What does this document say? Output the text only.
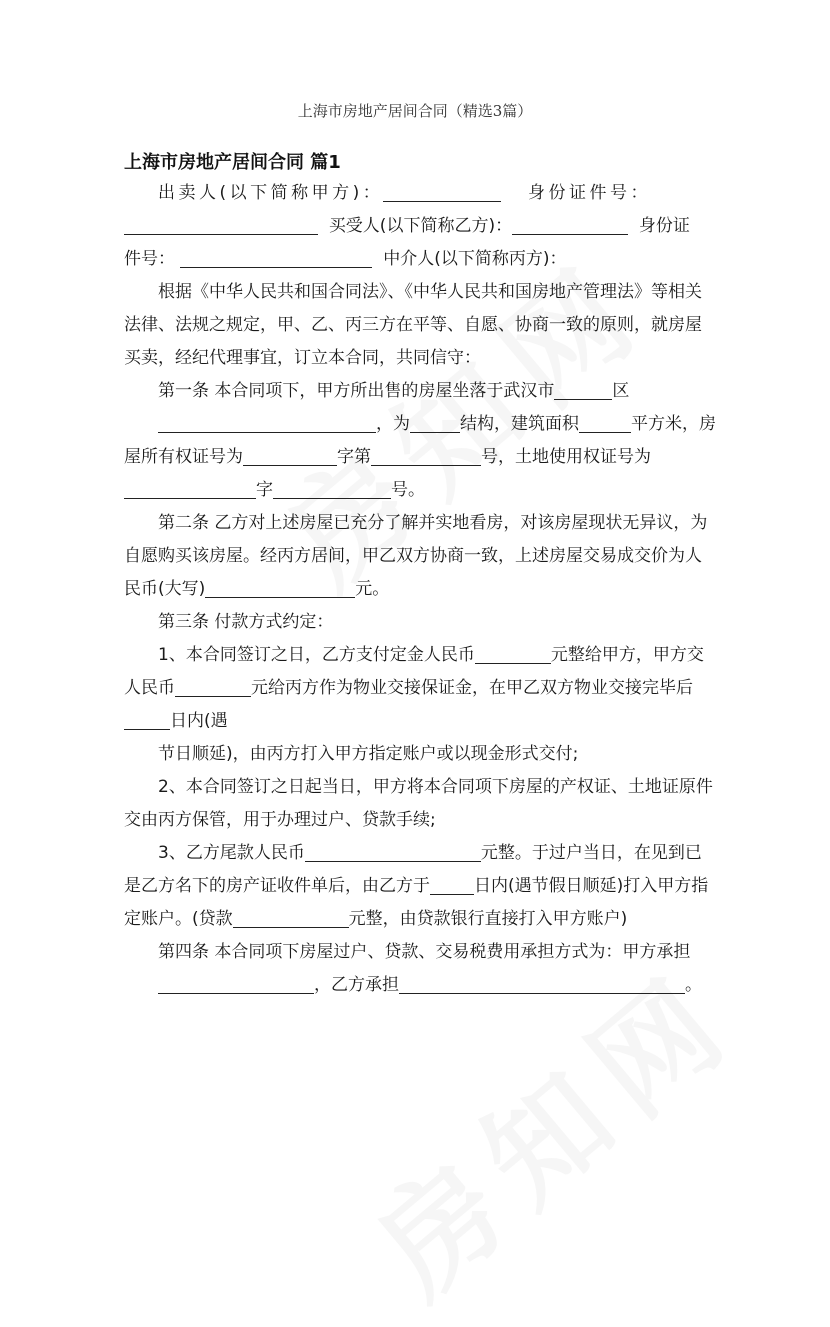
上海市房地产居间合同（精选3篇）
上海市房地产居间合同 篇1

出卖人(以下简称甲方)：	身份证件号：

买受人(以下简称乙方)：	身份证

件号：	中介人(以下简称丙方)：

根据《中华人民共和国合同法》、《中华人民共和国房地产管理法》等相关法律、法规之规定，甲、乙、丙三方在平等、自愿、协商一致的原则，就房屋买卖，经纪代理事宜，订立本合同，共同信守：

第一条 本合同项下，甲方所出售的房屋坐落于武汉市	区
，为	结构，建筑面积	平方米，房屋所有权证号为	字第	号，土地使用权证号为字	号。

第二条 乙方对上述房屋已充分了解并实地看房，对该房屋现状无异议，为自愿购买该房屋。经丙方居间，甲乙双方协商一致，上述房屋交易成交价为人民币(大写)	元。

第三条 付款方式约定：

1、本合同签订之日，乙方支付定金人民币	元整给甲方，甲方交人民币	元给丙方作为物业交接保证金，在甲乙双方物业交接完毕后日内(遇

节日顺延)，由丙方打入甲方指定账户或以现金形式交付;

2、本合同签订之日起当日，甲方将本合同项下房屋的产权证、土地证原件交由丙方保管，用于办理过户、贷款手续;

3、乙方尾款人民币	元整。于过户当日，在见到已是乙方名下的房产证收件单后，由乙方于	日内(遇节假日顺延)打入甲方指定账户。(贷款	元整，由贷款银行直接打入甲方账户)

第四条 本合同项下房屋过户、贷款、交易税费用承担方式为：甲方承担
，乙方承担	。
